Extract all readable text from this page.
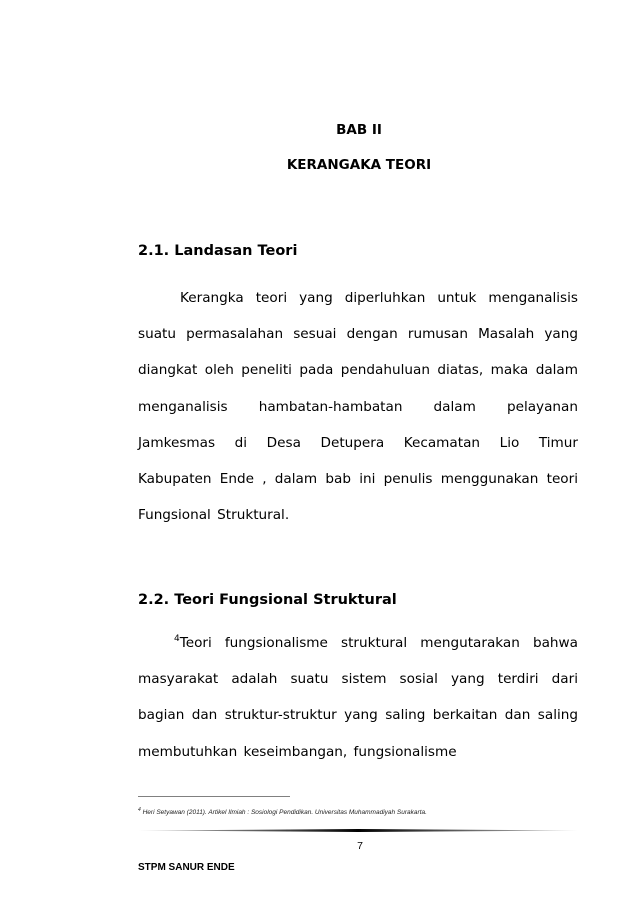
BAB II
KERANGAKA TEORI
2.1. Landasan Teori

Kerangka teori yang diperluhkan untuk menganalisis suatu permasalahan sesuai dengan rumusan Masalah yang diangkat oleh peneliti pada pendahuluan diatas, maka dalam menganalisis hambatan-hambatan dalam pelayanan Jamkesmas di Desa Detupera Kecamatan Lio Timur Kabupaten Ende , dalam bab ini penulis menggunakan teori Fungsional Struktural.

2.2. Teori Fungsional Struktural

$^4$Teori fungsionalisme struktural mengutarakan bahwa masyarakat adalah suatu sistem sosial yang terdiri dari bagian dan struktur-struktur yang saling berkaitan dan saling membutuhkan keseimbangan, fungsionalisme

$^4$ Heri Setyawan (2011). Artikel Ilmiah : Sosiologi Pendidikan. Universitas Muhammadiyah Surakarta.
7
STPM SANUR ENDE
